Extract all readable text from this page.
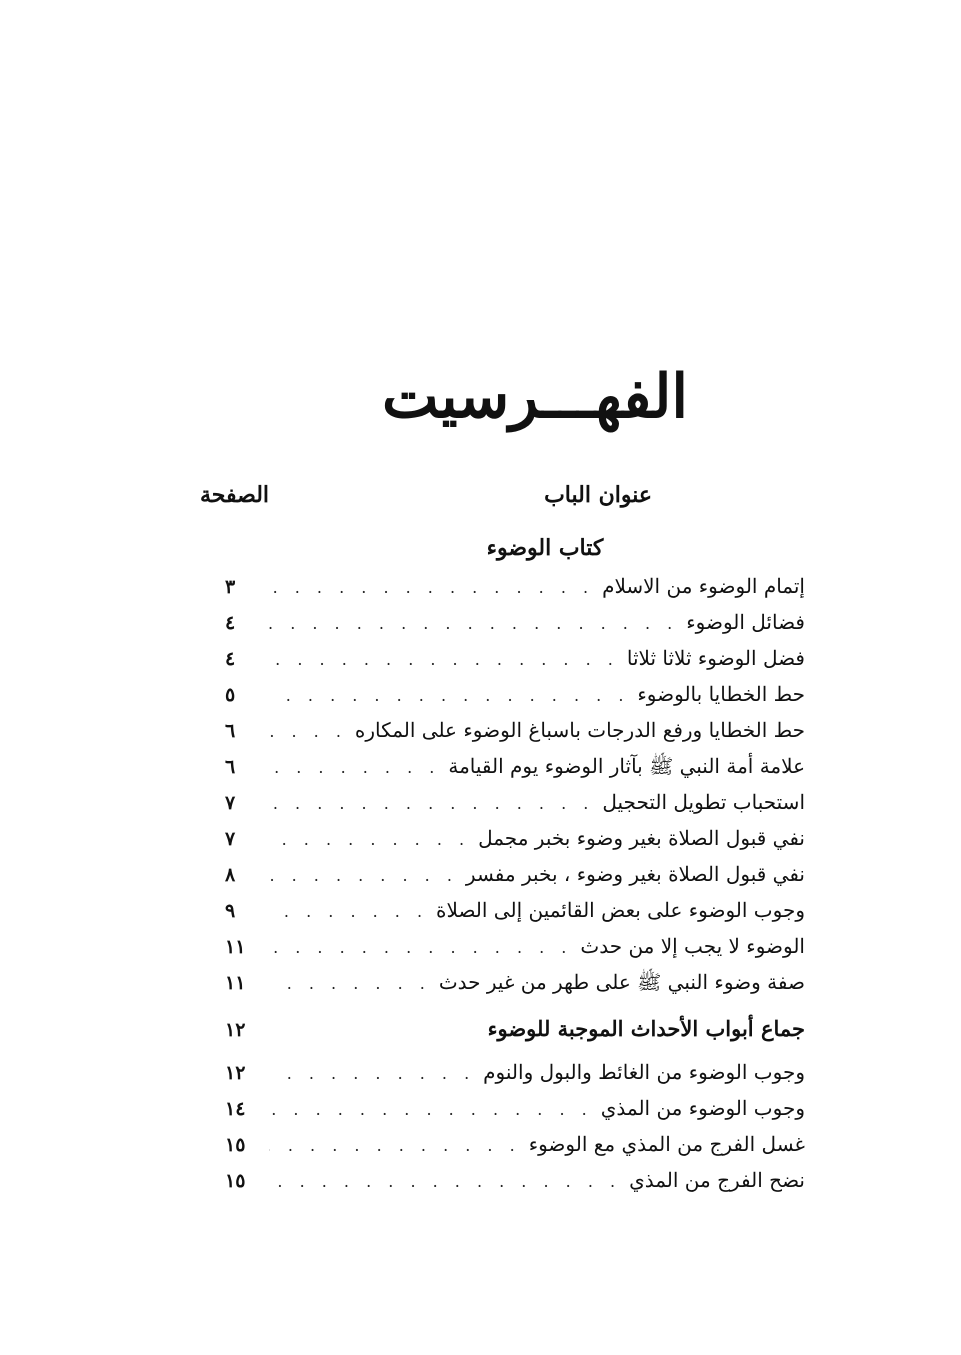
الفهـــرسيت
عنوان الباب
الصفحة
كتاب الوضوء
إتمام الوضوء من الاسلام
. . .
٣
فضائل الوضوء
. . .
٤
فضل الوضوء ثلاثا ثلاثا
. . .
٤
حط الخطايا بالوضوء
. . .
٥
حط الخطايا ورفع الدرجات باسباغ الوضوء على المكاره
. . .
٦
علامة أمة النبي ﷺ بآثار الوضوء يوم القيامة
. . .
٦
استحباب تطويل التحجيل
. . .
٧
نفي قبول الصلاة بغير وضوء بخبر مجمل
. . .
٧
نفي قبول الصلاة بغير وضوء ، بخبر مفسر
. . .
٨
وجوب الوضوء على بعض القائمين إلى الصلاة
. . .
٩
الوضوء لا يجب إلا من حدث
. . .
١١
صفة وضوء النبي ﷺ على طهر من غير حدث
. . .
١١
جماع أبواب الأحداث الموجبة للوضوء
١٢
وجوب الوضوء من الغائط والبول والنوم
. . .
١٢
وجوب الوضوء من المذي
. . .
١٤
غسل الفرج من المذي مع الوضوء
. . .
١٥
نضح الفرج من المذي
. . .
١٥
